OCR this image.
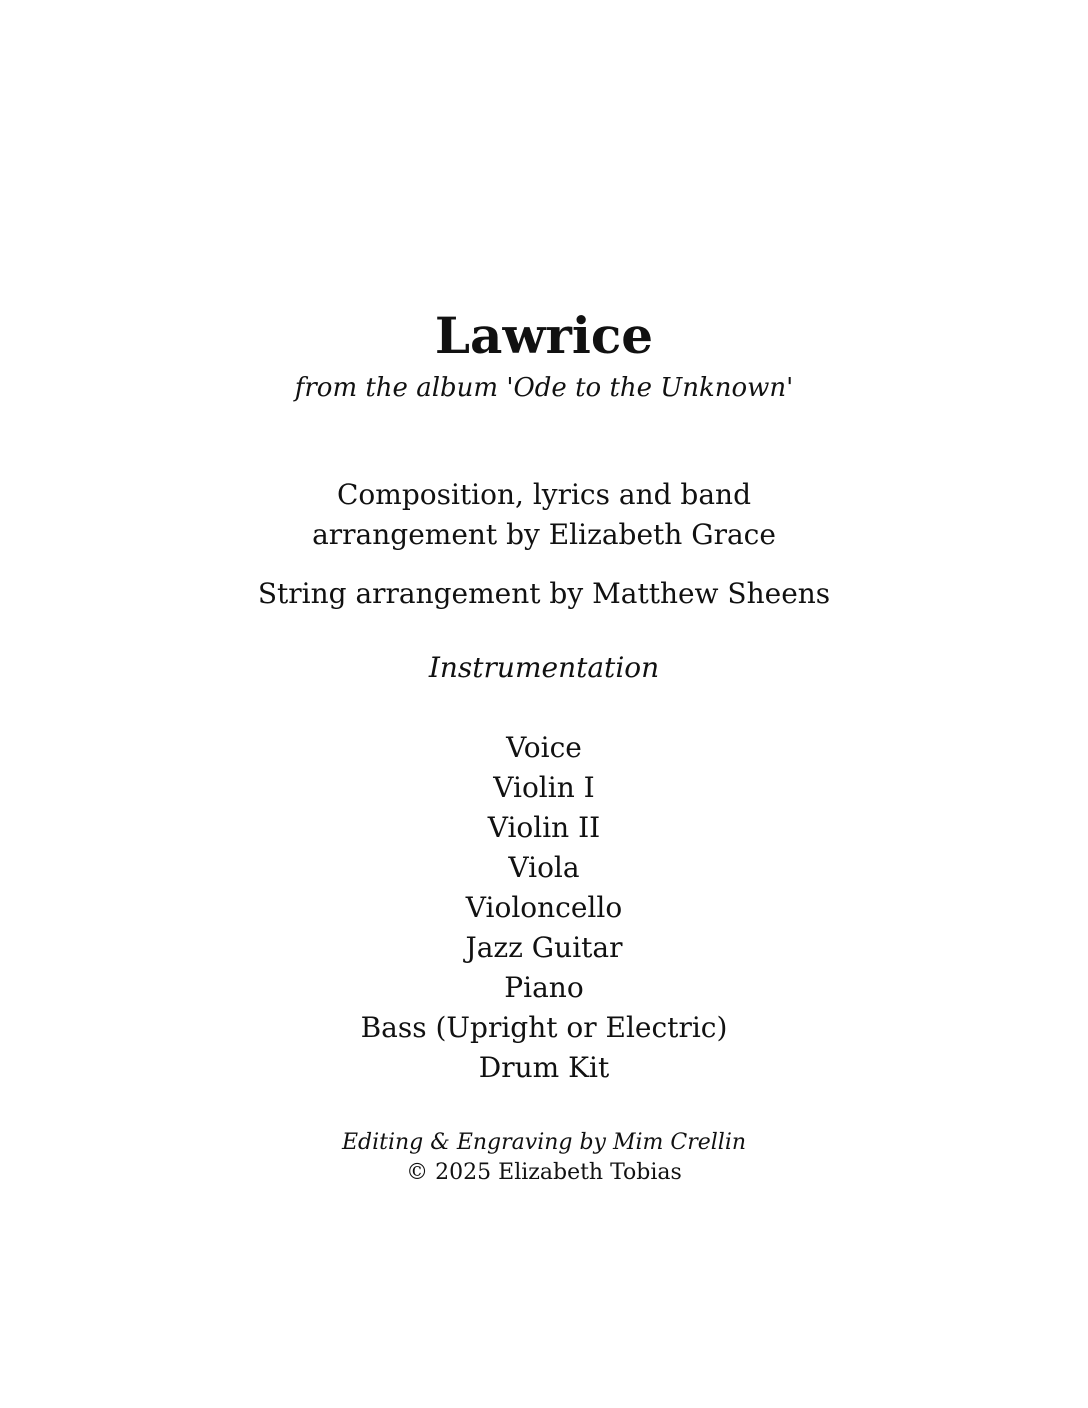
Lawrice
from the album 'Ode to the Unknown'
Composition, lyrics and band
arrangement by Elizabeth Grace
String arrangement by Matthew Sheens
Instrumentation
Voice
Violin I
Violin II
Viola
Violoncello
Jazz Guitar
Piano
Bass (Upright or Electric)
Drum Kit
Editing & Engraving by Mim Crellin
© 2025 Elizabeth Tobias
